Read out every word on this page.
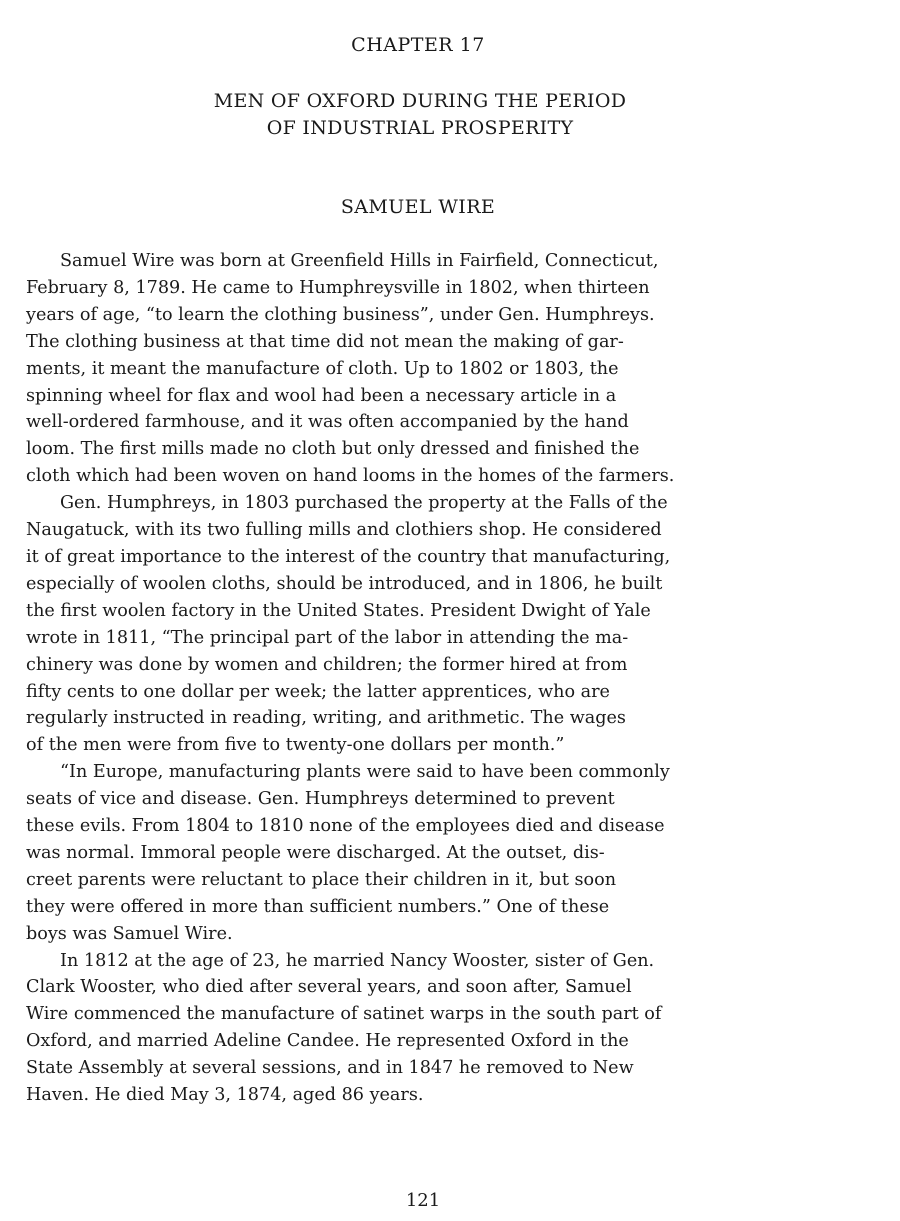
CHAPTER 17
MEN OF OXFORD DURING THE PERIOD
OF INDUSTRIAL PROSPERITY
SAMUEL WIRE
Samuel Wire was born at Greenfield Hills in Fairfield, Connecticut,
February 8, 1789. He came to Humphreysville in 1802, when thirteen
years of age, “to learn the clothing business”, under Gen. Humphreys.
The clothing business at that time did not mean the making of gar-
ments, it meant the manufacture of cloth. Up to 1802 or 1803, the
spinning wheel for flax and wool had been a necessary article in a
well-ordered farmhouse, and it was often accompanied by the hand
loom. The first mills made no cloth but only dressed and finished the
cloth which had been woven on hand looms in the homes of the farmers.
Gen. Humphreys, in 1803 purchased the property at the Falls of the
Naugatuck, with its two fulling mills and clothiers shop. He considered
it of great importance to the interest of the country that manufacturing,
especially of woolen cloths, should be introduced, and in 1806, he built
the first woolen factory in the United States. President Dwight of Yale
wrote in 1811, “The principal part of the labor in attending the ma-
chinery was done by women and children; the former hired at from
fifty cents to one dollar per week; the latter apprentices, who are
regularly instructed in reading, writing, and arithmetic. The wages
of the men were from five to twenty-one dollars per month.”
“In Europe, manufacturing plants were said to have been commonly
seats of vice and disease. Gen. Humphreys determined to prevent
these evils. From 1804 to 1810 none of the employees died and disease
was normal. Immoral people were discharged. At the outset, dis-
creet parents were reluctant to place their children in it, but soon
they were offered in more than sufficient numbers.” One of these
boys was Samuel Wire.
In 1812 at the age of 23, he married Nancy Wooster, sister of Gen.
Clark Wooster, who died after several years, and soon after, Samuel
Wire commenced the manufacture of satinet warps in the south part of
Oxford, and married Adeline Candee. He represented Oxford in the
State Assembly at several sessions, and in 1847 he removed to New
Haven. He died May 3, 1874, aged 86 years.
121
